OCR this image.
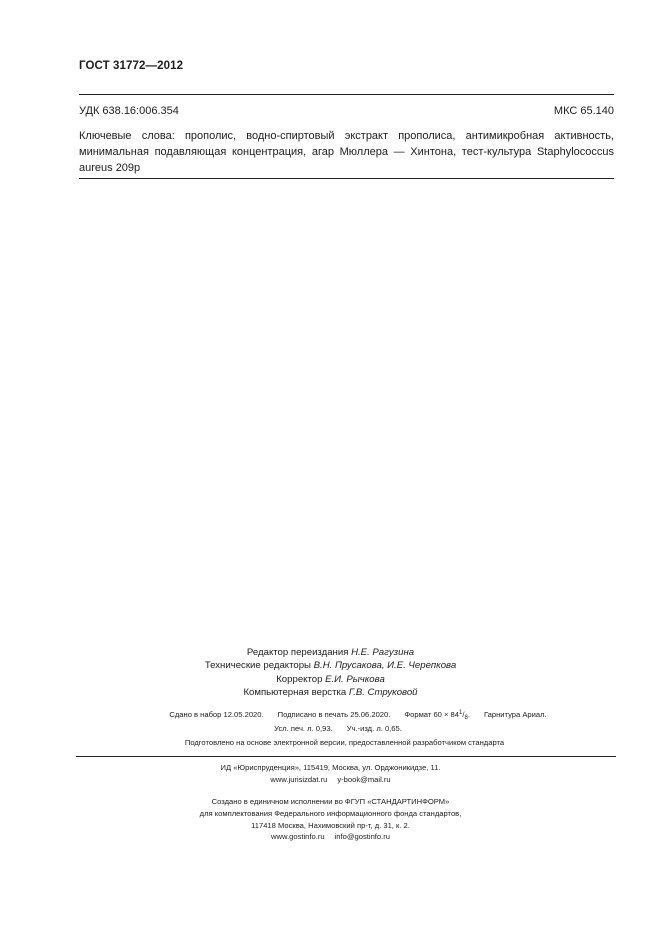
ГОСТ 31772—2012
УДК 638.16:006.354	МКС 65.140

Ключевые слова: прополис, водно-спиртовый экстракт прополиса, антимикробная активность, минимальная подавляющая концентрация, агар Мюллера — Хинтона, тест-культура Staphylococcus aureus 209р

Редактор переиздания Н.Е. Рагузина
Технические редакторы В.Н. Прусакова, И.Е. Черепкова
Корректор Е.И. Рычкова
Компьютерная верстка Г.В. Струковой
Сдано в набор 12.05.2020. Подписано в печать 25.06.2020. Формат $60 \times 84^1/_8$. Гарнитура Ариал.
Усл. печ. л. 0,93. Уч.-изд. л. 0,65.
Подготовлено на основе электронной версии, предоставленной разработчиком стандарта
ИД «Юриспруденция», 115419, Москва, ул. Орджоникидзе, 11.
www.jurisizdat.ru y-book@mail.ru
Создано в единичном исполнении во ФГУП «СТАНДАРТИНФОРМ»
для комплектования Федерального информационного фонда стандартов,
117418 Москва, Нахимовский пр-т, д. 31, к. 2.
www.gostinfo.ru info@gostinfo.ru
